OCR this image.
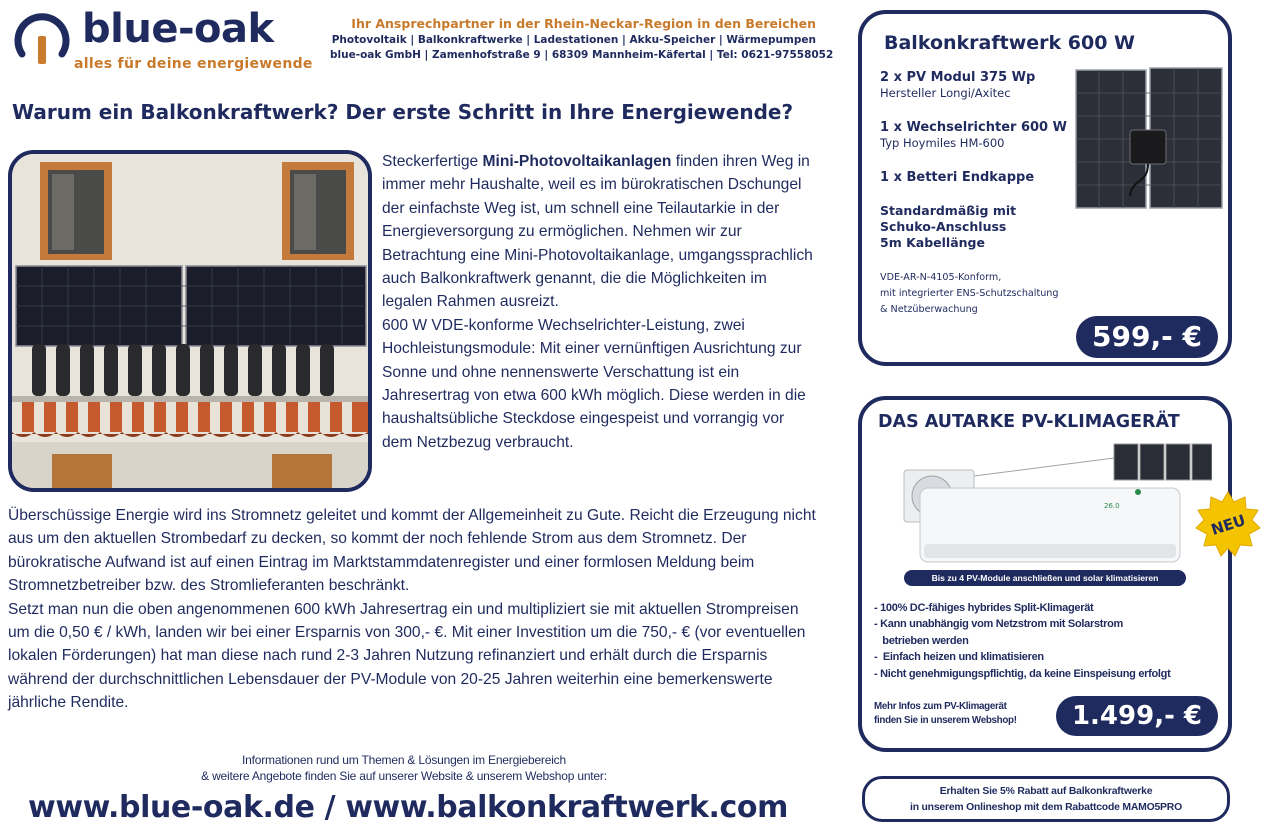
blue-oak
alles für deine energiewende
Ihr Ansprechpartner in der Rhein-Neckar-Region in den Bereichen
Photovoltaik | Balkonkraftwerke | Ladestationen | Akku-Speicher | Wärmepumpen
blue-oak GmbH | Zamenhofstraße 9 | 68309 Mannheim-Käfertal | Tel: 0621-97558052
Warum ein Balkonkraftwerk? Der erste Schritt in Ihre Energiewende?
Steckerfertige Mini-Photovoltaikanlagen finden ihren Weg in immer mehr Haushalte, weil es im bürokratischen Dschungel der einfachste Weg ist, um schnell eine Teilautarkie in der Energieversorgung zu ermöglichen. Nehmen wir zur Betrachtung eine Mini-Photovoltaikanlage, umgangssprachlich auch Balkonkraftwerk genannt, die die Möglichkeiten im legalen Rahmen ausreizt.
600 W VDE-konforme Wechselrichter-Leistung, zwei Hochleistungsmodule: Mit einer vernünftigen Ausrichtung zur Sonne und ohne nennenswerte Verschattung ist ein Jahresertrag von etwa 600 kWh möglich. Diese werden in die haushaltsübliche Steckdose eingespeist und vorrangig vor dem Netzbezug verbraucht.
Überschüssige Energie wird ins Stromnetz geleitet und kommt der Allgemeinheit zu Gute. Reicht die Erzeugung nicht aus um den aktuellen Strombedarf zu decken, so kommt der noch fehlende Strom aus dem Stromnetz. Der bürokratische Aufwand ist auf einen Eintrag im Marktstammdatenregister und einer formlosen Meldung beim Stromnetzbetreiber bzw. des Stromlieferanten beschränkt.
Setzt man nun die oben angenommenen 600 kWh Jahresertrag ein und multipliziert sie mit aktuellen Strompreisen um die 0,50 € / kWh, landen wir bei einer Ersparnis von 300,- €. Mit einer Investition um die 750,- € (vor eventuellen lokalen Förderungen) hat man diese nach rund 2-3 Jahren Nutzung refinanziert und erhält durch die Ersparnis während der durchschnittlichen Lebensdauer der PV-Module von 20-25 Jahren weiterhin eine bemerkenswerte jährliche Rendite.
Informationen rund um Themen & Lösungen im Energiebereich
& weitere Angebote finden Sie auf unserer Website & unserem Webshop unter:
www.blue-oak.de / www.balkonkraftwerk.com
Balkonkraftwerk 600 W
2 x PV Modul 375 Wp
Hersteller Longi/Axitec
1 x Wechselrichter 600 W
Typ Hoymiles HM-600
1 x Betteri Endkappe
Standardmäßig mit
Schuko-Anschluss
5m Kabellänge
VDE-AR-N-4105-Konform,
mit integrierter ENS-Schutzschaltung
& Netzüberwachung
599,- €
DAS AUTARKE PV-KLIMAGERÄT
26.0
NEU
Bis zu 4 PV-Module anschließen und solar klimatisieren
- 100% DC-fähiges hybrides Split-Klimagerät
- Kann unabhängig vom Netzstrom mit Solarstrom
betrieben werden
-  Einfach heizen und klimatisieren
- Nicht genehmigungspflichtig, da keine Einspeisung erfolgt
Mehr Infos zum PV-Klimagerät
finden Sie in unserem Webshop!	1.499,- €
Erhalten Sie 5% Rabatt auf Balkonkraftwerke
in unserem Onlineshop mit dem Rabattcode MAMO5PRO
